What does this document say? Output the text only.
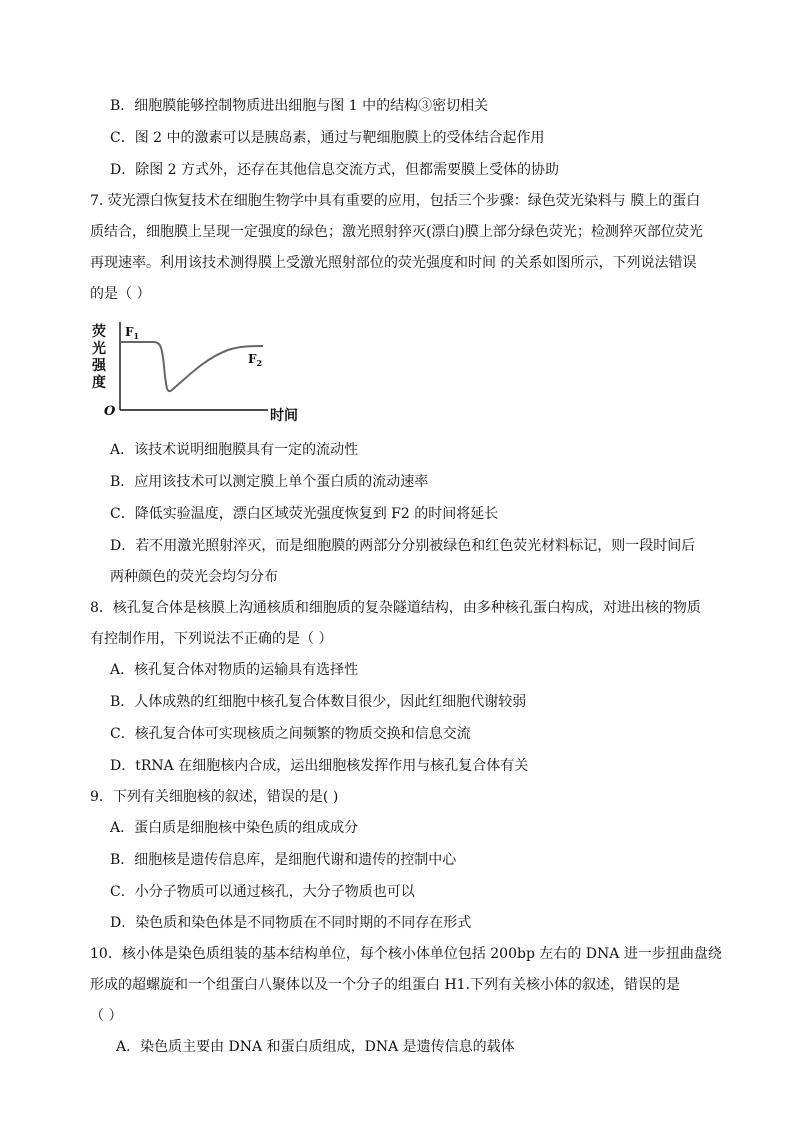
B．细胞膜能够控制物质进出细胞与图 1 中的结构③密切相关
C．图 2 中的激素可以是胰岛素，通过与靶细胞膜上的受体结合起作用
D．除图 2 方式外，还存在其他信息交流方式，但都需要膜上受体的协助
7. 荧光漂白恢复技术在细胞生物学中具有重要的应用，包括三个步骤：绿色荧光染料与 膜上的蛋白
质结合，细胞膜上呈现一定强度的绿色；激光照射猝灭(漂白)膜上部分绿色荧光；检测猝灭部位荧光
再现速率。利用该技术测得膜上受激光照射部位的荧光强度和时间 的关系如图所示，下列说法错误
的是（ ）
荧
光
强
度
O	时间
$F_1$
$F_2$
A．该技术说明细胞膜具有一定的流动性
B．应用该技术可以测定膜上单个蛋白质的流动速率
C．降低实验温度，漂白区域荧光强度恢复到 F2 的时间将延长
D．若不用激光照射淬灭，而是细胞膜的两部分分别被绿色和红色荧光材料标记，则一段时间后
两种颜色的荧光会均匀分布
8．核孔复合体是核膜上沟通核质和细胞质的复杂隧道结构，由多种核孔蛋白构成，对进出核的物质
有控制作用，下列说法不正确的是（ ）
A．核孔复合体对物质的运输具有选择性
B．人体成熟的红细胞中核孔复合体数目很少，因此红细胞代谢较弱
C．核孔复合体可实现核质之间频繁的物质交换和信息交流
D．tRNA 在细胞核内合成，运出细胞核发挥作用与核孔复合体有关
9．下列有关细胞核的叙述，错误的是( )
A．蛋白质是细胞核中染色质的组成成分
B．细胞核是遗传信息库，是细胞代谢和遗传的控制中心
C．小分子物质可以通过核孔，大分子物质也可以
D．染色质和染色体是不同物质在不同时期的不同存在形式
10．核小体是染色质组装的基本结构单位，每个核小体单位包括 200bp 左右的 DNA 进一步扭曲盘绕
形成的超螺旋和一个组蛋白八聚体以及一个分子的组蛋白 H1.下列有关核小体的叙述，错误的是
（ ）
A．染色质主要由 DNA 和蛋白质组成，DNA 是遗传信息的载体
